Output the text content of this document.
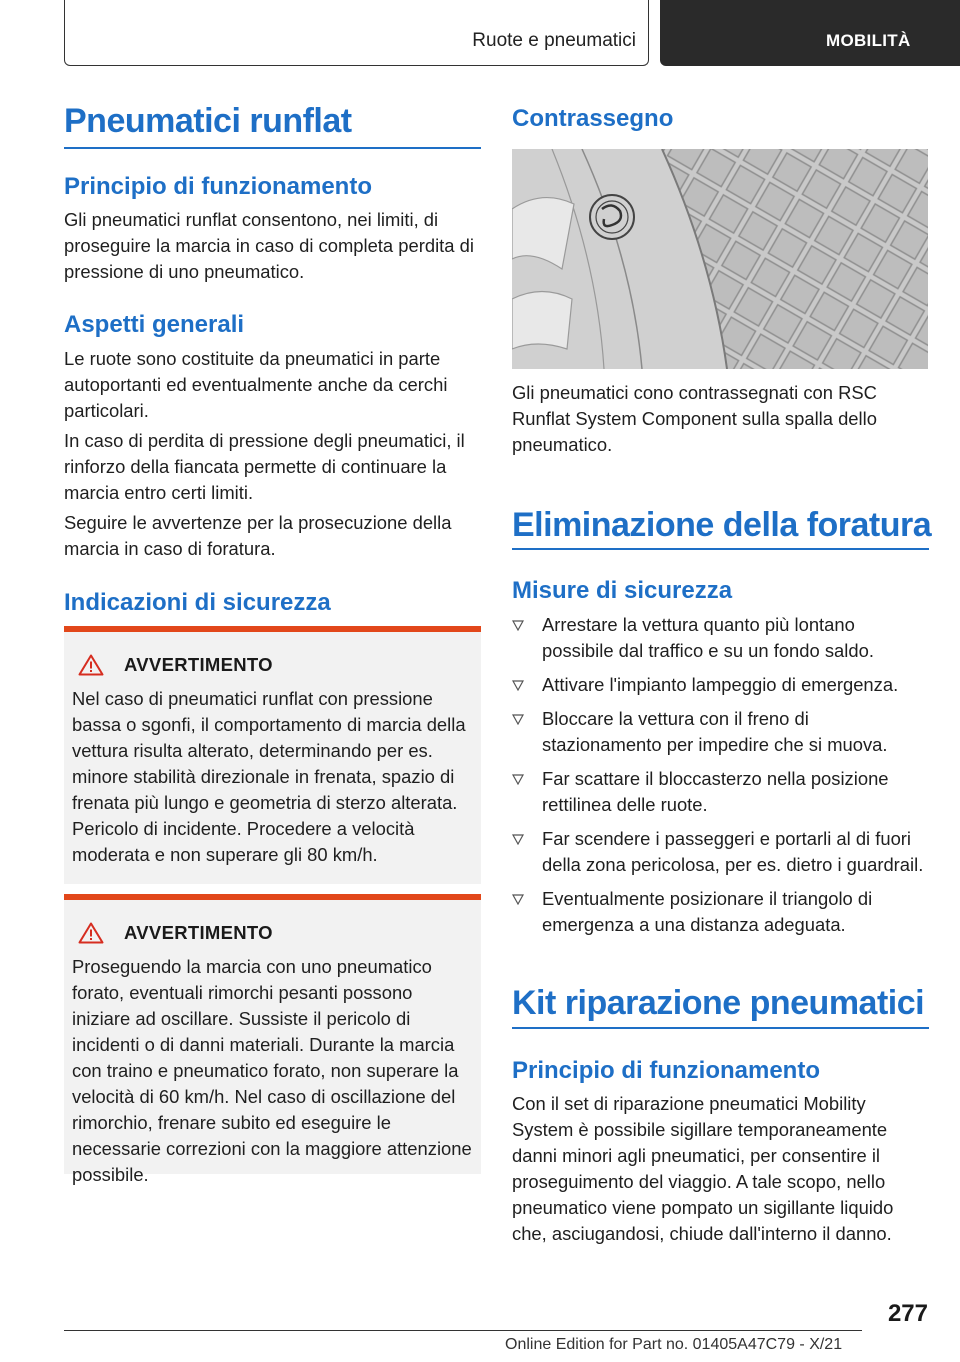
Ruote e pneumatici	MOBILITÀ
Pneumatici runflat
Principio di funzionamento
Gli pneumatici runflat consentono, nei limiti, di proseguire la marcia in caso di completa perdita di pressione di uno pneumatico.
Aspetti generali
Le ruote sono costituite da pneumatici in parte autoportanti ed eventualmente anche da cerchi particolari.
In caso di perdita di pressione degli pneumatici, il rinforzo della fiancata permette di continuare la marcia entro certi limiti.
Seguire le avvertenze per la prosecuzione della marcia in caso di foratura.
Indicazioni di sicurezza
AVVERTIMENTO
Nel caso di pneumatici runflat con pressione bassa o sgonfi, il comportamento di marcia della vettura risulta alterato, determinando per es. minore stabilità direzionale in frenata, spazio di frenata più lungo e geometria di sterzo alterata. Pericolo di incidente. Procedere a velocità moderata e non superare gli 80 km/h.
AVVERTIMENTO
Proseguendo la marcia con uno pneumatico forato, eventuali rimorchi pesanti possono iniziare ad oscillare. Sussiste il pericolo di incidenti o di danni materiali. Durante la marcia con traino e pneumatico forato, non superare la velocità di 60 km/h. Nel caso di oscillazione del rimorchio, frenare subito ed eseguire le necessarie correzioni con la maggiore attenzione possibile.
Contrassegno
Gli pneumatici cono contrassegnati con RSC Runflat System Component sulla spalla dello pneumatico.
Eliminazione della foratura
Misure di sicurezza
Arrestare la vettura quanto più lontano possibile dal traffico e su un fondo saldo.
Attivare l'impianto lampeggio di emergenza.
Bloccare la vettura con il freno di stazionamento per impedire che si muova.
Far scattare il bloccasterzo nella posizione rettilinea delle ruote.
Far scendere i passeggeri e portarli al di fuori della zona pericolosa, per es. dietro i guardrail.
Eventualmente posizionare il triangolo di emergenza a una distanza adeguata.
Kit riparazione pneumatici
Principio di funzionamento
Con il set di riparazione pneumatici Mobility System è possibile sigillare temporaneamente danni minori agli pneumatici, per consentire il proseguimento del viaggio. A tale scopo, nello pneumatico viene pompato un sigillante liquido che, asciugandosi, chiude dall'interno il danno.
277
Online Edition for Part no. 01405A47C79 - X/21
